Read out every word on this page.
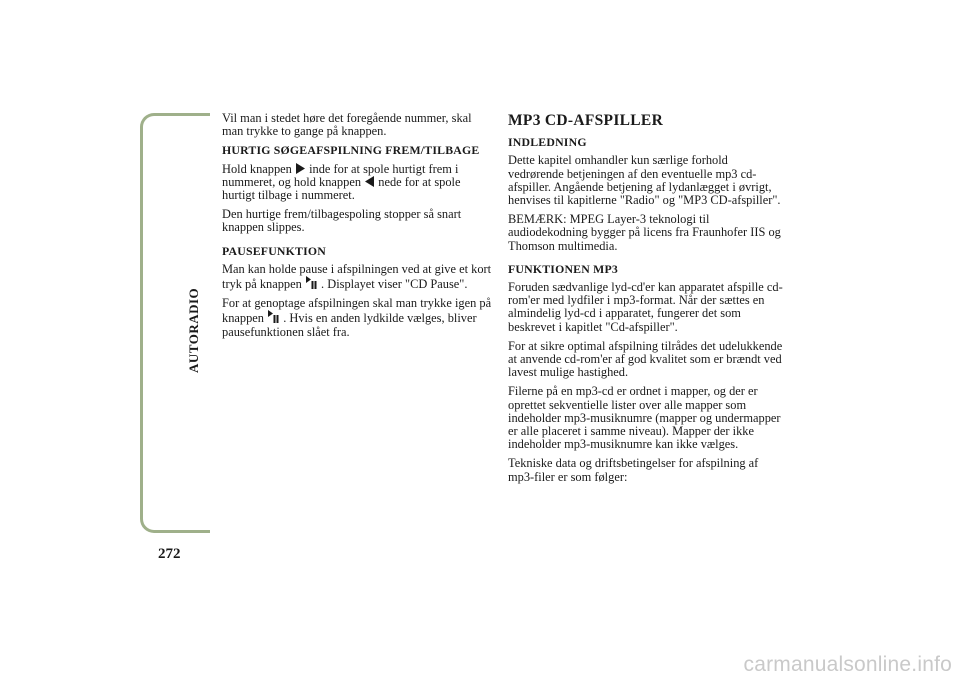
AUTORADIO
272

Vil man i stedet høre det foregående nummer, skal man trykke to gange på knappen.

HURTIG SØGEAFSPILNING FREM/TILBAGE

Hold knappen inde for at spole hurtigt frem i nummeret, og hold knappen nede for at spole hurtigt tilbage i nummeret.

Den hurtige frem/tilbagespoling stopper så snart knappen slippes.

PAUSEFUNKTION

Man kan holde pause i afspilningen ved at give et kort tryk på knappen . Displayet viser "CD Pause".

For at genoptage afspilningen skal man trykke igen på knappen . Hvis en anden lydkilde vælges, bliver pausefunktionen slået fra.

MP3 CD-AFSPILLER
INDLEDNING

Dette kapitel omhandler kun særlige forhold vedrørende betjeningen af den eventuelle mp3 cd-afspiller. Angående betjening af lydanlægget i øvrigt, henvises til kapitlerne "Radio" og "MP3 CD-afspiller".

BEMÆRK: MPEG Layer-3 teknologi til audiodekodning bygger på licens fra Fraunhofer IIS og Thomson multimedia.

FUNKTIONEN MP3

Foruden sædvanlige lyd-cd'er kan apparatet afspille cd-rom'er med lydfiler i mp3-format. Når der sættes en almindelig lyd-cd i apparatet, fungerer det som beskrevet i kapitlet "Cd-afspiller".

For at sikre optimal afspilning tilrådes det udelukkende at anvende cd-rom'er af god kvalitet som er brændt ved lavest mulige hastighed.

Filerne på en mp3-cd er ordnet i mapper, og der er oprettet sekventielle lister over alle mapper som indeholder mp3-musiknumre (mapper og undermapper er alle placeret i samme niveau). Mapper der ikke indeholder mp3-musiknumre kan ikke vælges.

Tekniske data og driftsbetingelser for afspilning af mp3-filer er som følger:

carmanualsonline.info
